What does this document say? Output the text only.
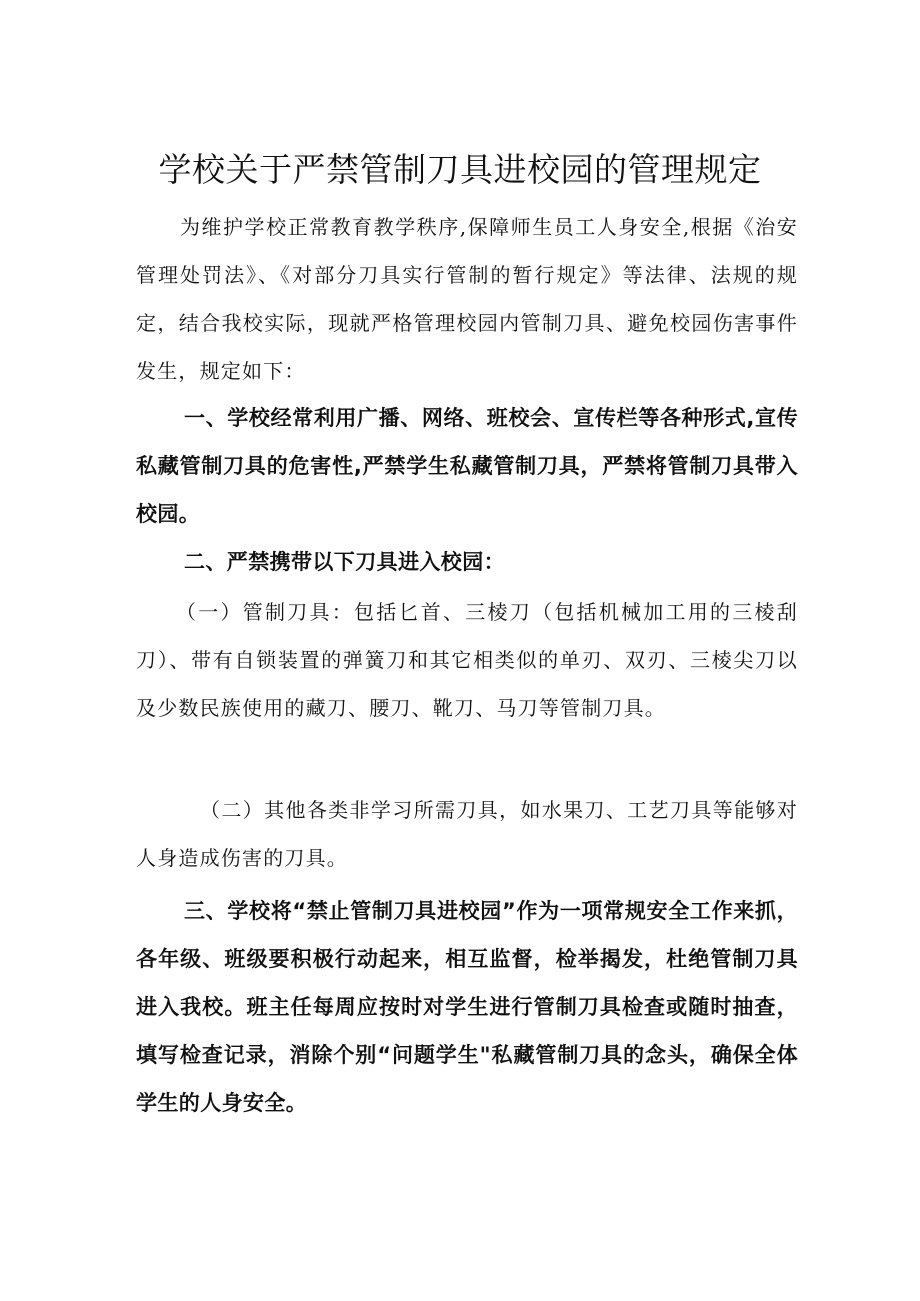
学校关于严禁管制刀具进校园的管理规定

为维护学校正常教育教学秩序,保障师生员工人身安全,根据《治安管理处罚法》、《对部分刀具实行管制的暂行规定》等法律、法规的规定，结合我校实际，现就严格管理校园内管制刀具、避免校园伤害事件发生，规定如下：

一、学校经常利用广播、网络、班校会、宣传栏等各种形式,宣传私藏管制刀具的危害性,严禁学生私藏管制刀具，严禁将管制刀具带入校园。

二、严禁携带以下刀具进入校园：

（一）管制刀具：包括匕首、三棱刀（包括机械加工用的三棱刮刀）、带有自锁装置的弹簧刀和其它相类似的单刃、双刃、三棱尖刀以及少数民族使用的藏刀、腰刀、靴刀、马刀等管制刀具。

（二）其他各类非学习所需刀具，如水果刀、工艺刀具等能够对人身造成伤害的刀具。

三、学校将“禁止管制刀具进校园”作为一项常规安全工作来抓，各年级、班级要积极行动起来，相互监督，检举揭发，杜绝管制刀具进入我校。班主任每周应按时对学生进行管制刀具检查或随时抽查，填写检查记录，消除个别“问题学生"私藏管制刀具的念头，确保全体学生的人身安全。
